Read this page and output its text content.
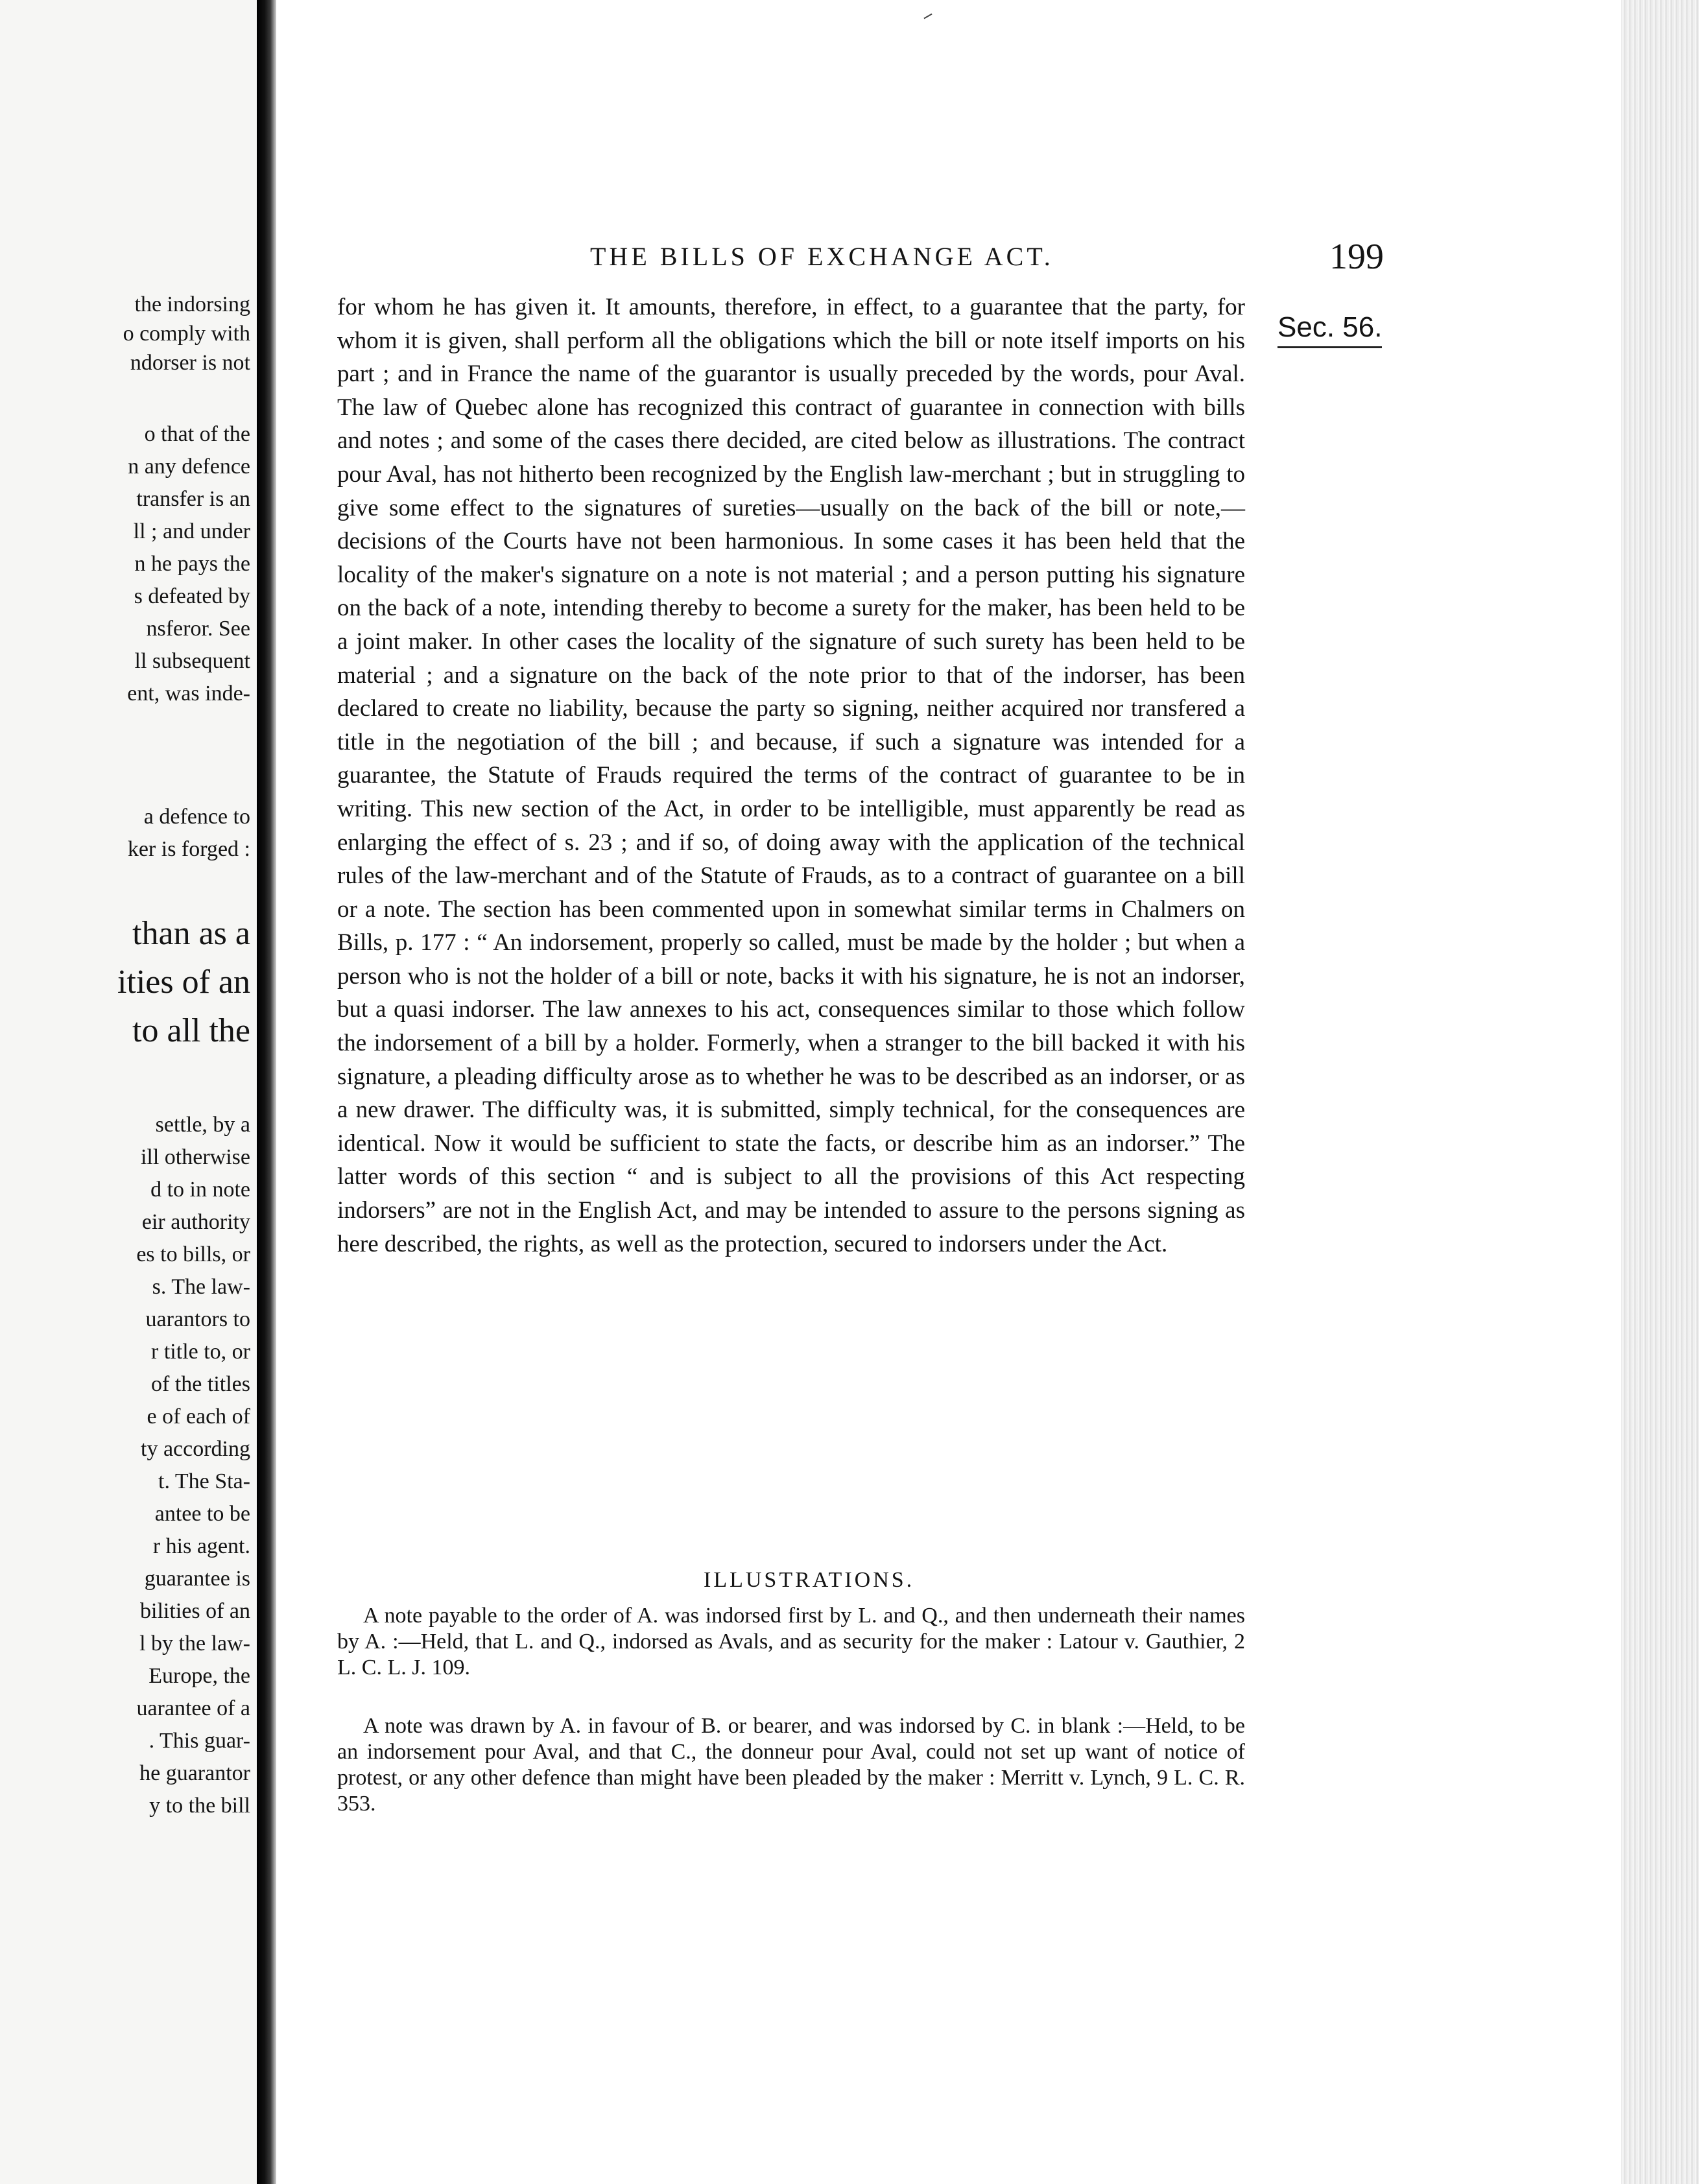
the indorsing
o comply with
ndorser is not
o that of the
n any defence
transfer is an
ll ; and under
n he pays the
s defeated by
nsferor. See
ll subsequent
ent, was inde-
a defence to
ker is forged :
than as a
ities of an
to all the
settle, by a
ill otherwise
d to in note
eir authority
es to bills, or
s. The law-
uarantors to
r title to, or
of the titles
e of each of
ty according
t. The Sta-
antee to be
r his agent.
guarantee is
bilities of an
l by the law-
Europe, the
uarantee of a
. This guar-
he guarantor
y to the bill
THE BILLS OF EXCHANGE ACT.	199
Sec. 56.

for whom he has given it. It amounts, therefore, in effect, to a guarantee that the party, for whom it is given, shall perform all the obligations which the bill or note itself imports on his part ; and in France the name of the guarantor is usually preceded by the words, pour Aval. The law of Quebec alone has recognized this contract of guarantee in connection with bills and notes ; and some of the cases there decided, are cited below as illustrations. The contract pour Aval, has not hitherto been recognized by the English law-merchant ; but in struggling to give some effect to the signatures of sureties—usually on the back of the bill or note,—decisions of the Courts have not been harmonious. In some cases it has been held that the locality of the maker's signature on a note is not material ; and a person putting his signature on the back of a note, intending thereby to become a surety for the maker, has been held to be a joint maker. In other cases the locality of the signature of such surety has been held to be material ; and a signature on the back of the note prior to that of the indorser, has been declared to create no liability, because the party so signing, neither acquired nor transfered a title in the negotiation of the bill ; and because, if such a signature was intended for a guarantee, the Statute of Frauds required the terms of the contract of guarantee to be in writing. This new section of the Act, in order to be intelligible, must apparently be read as enlarging the effect of s. 23 ; and if so, of doing away with the application of the technical rules of the law-merchant and of the Statute of Frauds, as to a contract of guarantee on a bill or a note. The section has been commented upon in somewhat similar terms in Chalmers on Bills, p. 177 : “ An indorsement, properly so called, must be made by the holder ; but when a person who is not the holder of a bill or note, backs it with his signature, he is not an indorser, but a quasi indorser. The law annexes to his act, consequences similar to those which follow the indorsement of a bill by a holder. Formerly, when a stranger to the bill backed it with his signature, a pleading difficulty arose as to whether he was to be described as an indorser, or as a new drawer. The difficulty was, it is submitted, simply technical, for the consequences are identical. Now it would be sufficient to state the facts, or describe him as an indorser.” The latter words of this section “ and is subject to all the provisions of this Act respecting indorsers” are not in the English Act, and may be intended to assure to the persons signing as here described, the rights, as well as the protection, secured to indorsers under the Act.

ILLUSTRATIONS.

A note payable to the order of A. was indorsed first by L. and Q., and then underneath their names by A. :—Held, that L. and Q., indorsed as Avals, and as security for the maker : Latour v. Gauthier, 2 L. C. L. J. 109.

A note was drawn by A. in favour of B. or bearer, and was indorsed by C. in blank :—Held, to be an indorsement pour Aval, and that C., the donneur pour Aval, could not set up want of notice of protest, or any other defence than might have been pleaded by the maker : Merritt v. Lynch, 9 L. C. R. 353.
